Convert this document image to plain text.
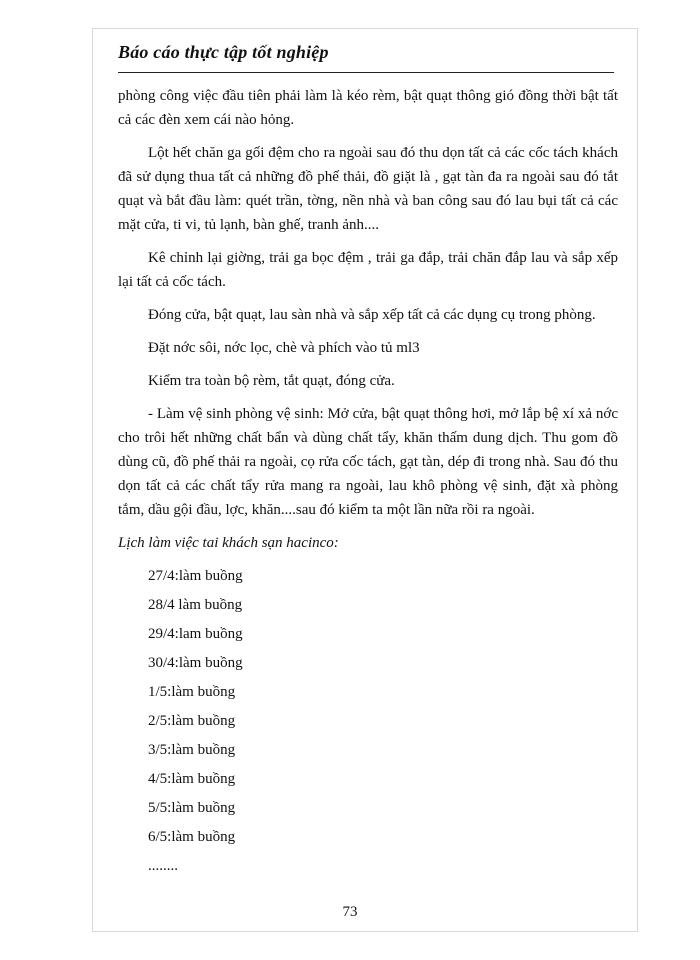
Báo cáo thực tập tốt nghiệp

phòng công việc đầu tiên phải làm là kéo rèm, bật quạt thông gió đồng thời bật tất cả các đèn xem cái nào hỏng.

Lột hết chăn ga gối đệm cho ra ngoài sau đó thu dọn tất cả các cốc tách khách đã sử dụng thua tất cả những đồ phế thải, đồ giặt là , gạt tàn đa ra ngoài sau đó tắt quạt và bắt đầu làm: quét trần, tờng, nền nhà và ban công sau đó lau bụi tất cả các mặt cửa, ti vi, tủ lạnh, bàn ghế, tranh ảnh....

Kê chỉnh lại giờng, trải ga bọc đệm , trải ga đắp, trải chăn đắp lau và sắp xếp lại tất cả cốc tách.

Đóng cửa, bật quạt, lau sàn nhà và sắp xếp tất cả các dụng cụ trong phòng.

Đặt nớc sôi, nớc lọc, chè và phích vào tủ ml3

Kiểm tra toàn bộ rèm, tắt quạt, đóng cửa.

- Làm vệ sinh phòng vệ sinh: Mở cửa, bật quạt thông hơi, mở lắp bệ xí xả nớc cho trôi hết những chất bẩn và dùng chất tẩy, khăn thấm dung dịch. Thu gom đồ dùng cũ, đồ phế thải ra ngoài, cọ rửa cốc tách, gạt tàn, dép đi trong nhà. Sau đó thu dọn tất cả các chất tẩy rửa mang ra ngoài, lau khô phòng vệ sinh, đặt xà phòng tắm, dầu gội đầu, lợc, khăn....sau đó kiểm ta một lần nữa rồi ra ngoài.

Lịch làm việc tai khách sạn hacinco:

27/4:làm buồng
28/4 làm buồng
29/4:lam buồng
30/4:làm buồng
1/5:làm buồng
2/5:làm buồng
3/5:làm buồng
4/5:làm buồng
5/5:làm buồng
6/5:làm buồng
........
73
